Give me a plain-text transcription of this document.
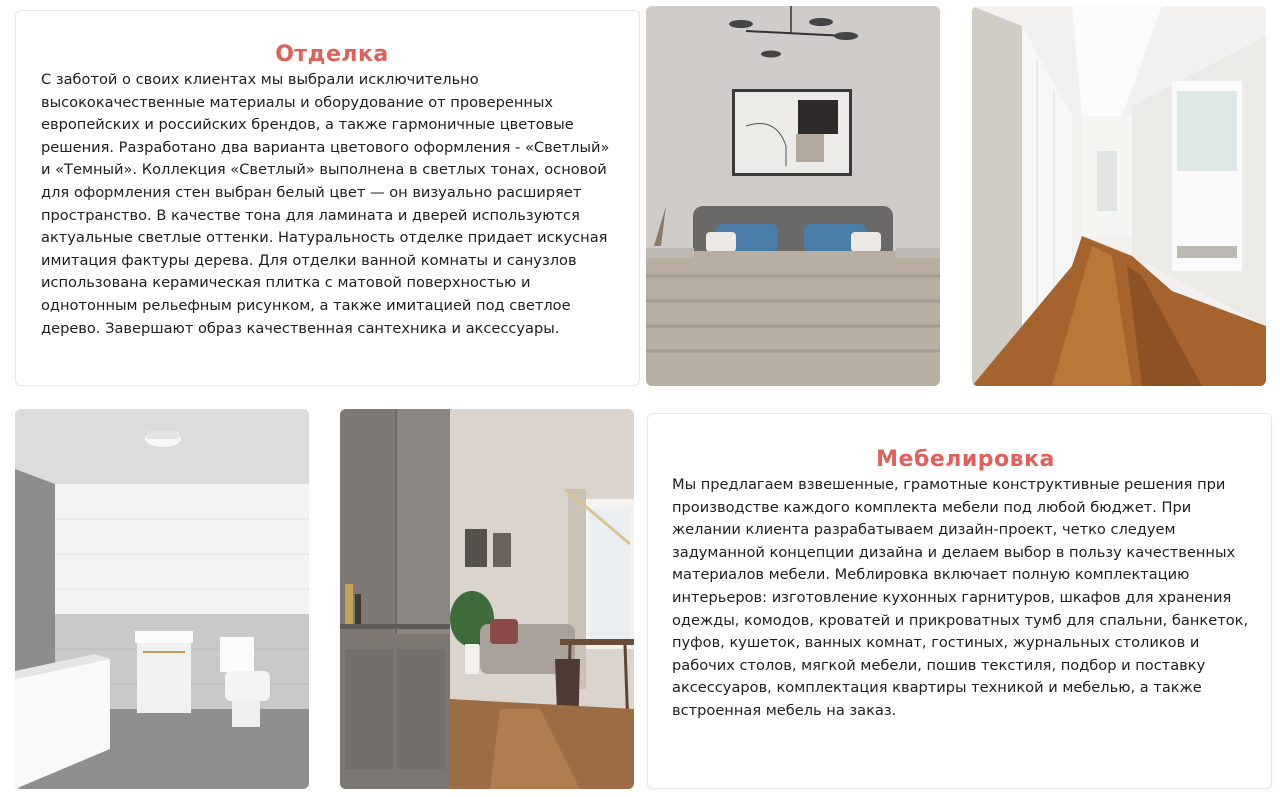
Отделка

С заботой о своих клиентах мы выбрали исключительно высококачественные материалы и оборудование от проверенных европейских и российских брендов, а также гармоничные цветовые решения. Разработано два варианта цветового оформления - «Светлый» и «Темный». Коллекция «Светлый» выполнена в светлых тонах, основой для оформления стен выбран белый цвет — он визуально расширяет пространство. В качестве тона для ламината и дверей используются актуальные светлые оттенки. Натуральность отделке придает искусная имитация фактуры дерева. Для отделки ванной комнаты и санузлов использована керамическая плитка с матовой поверхностью и однотонным рельефным рисунком, а также имитацией под светлое дерево. Завершают образ качественная сантехника и аксессуары.

Мебелировка

Мы предлагаем взвешенные, грамотные конструктивные решения при производстве каждого комплекта мебели под любой бюджет. При желании клиента разрабатываем дизайн-проект, четко следуем задуманной концепции дизайна и делаем выбор в пользу качественных материалов мебели. Меблировка включает полную комплектацию интерьеров: изготовление кухонных гарнитуров, шкафов для хранения одежды, комодов, кроватей и прикроватных тумб для спальни, банкеток, пуфов, кушеток, ванных комнат, гостиных, журнальных столиков и рабочих столов, мягкой мебели, пошив текстиля, подбор и поставку аксессуаров, комплектация квартиры техникой и мебелью, а также встроенная мебель на заказ.
